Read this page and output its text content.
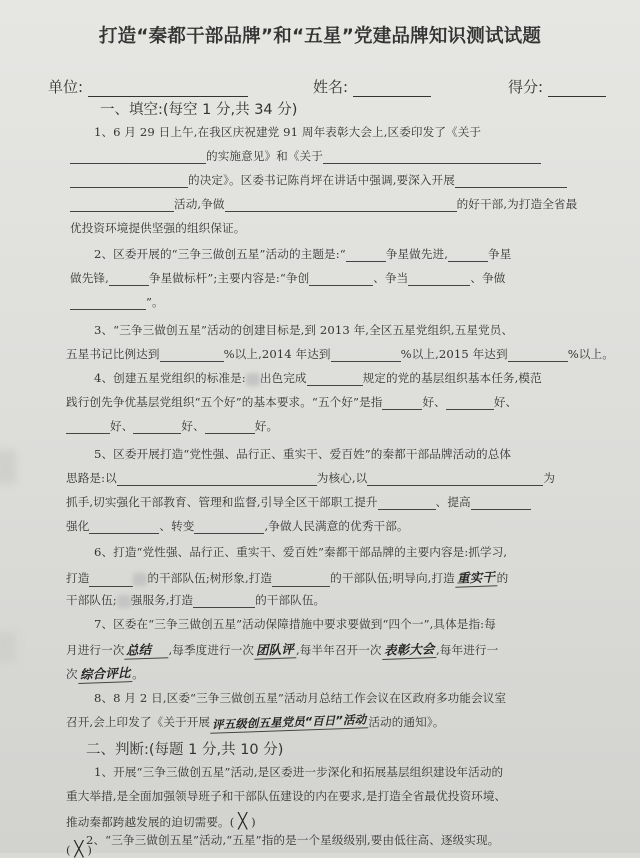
打造“秦都干部品牌”和“五星”党建品牌知识测试试题
单位:	姓名:	得分:
一、填空:(每空 1 分,共 34 分)
1、6 月 29 日上午,在我区庆祝建党 91 周年表彰大会上,区委印发了《关于
的实施意见》和《关于
的决定》。区委书记陈肖坪在讲话中强调,要深入开展
活动,争做	的好干部,为打造全省最
优投资环境提供坚强的组织保证。
2、区委开展的“三争三做创五星”活动的主题是:“	争星做先进,	争星
做先锋,	争星做标杆”;主要内容是:“争创	、争当	、争做
”。
3、“三争三做创五星”活动的创建目标是,到 2013 年,全区五星党组织,五星党员、
五星书记比例达到	%以上,2014 年达到	%以上,2015 年达到	%以上。
4、创建五星党组织的标准是: 出色完成	规定的党的基层组织基本任务,模范
践行创先争优基层党组织“五个好”的基本要求。“五个好”是指	好、	好、
好、	好、	好。
5、区委开展打造“党性强、品行正、重实干、爱百姓”的秦都干部品牌活动的总体
思路是:以	为核心,以	为
抓手,切实强化干部教育、管理和监督,引导全区干部职工提升	、提高
强化	、转变	,争做人民满意的优秀干部。
6、打造“党性强、品行正、重实干、爱百姓”秦都干部品牌的主要内容是:抓学习,
打造	的干部队伍;树形象,打造	的干部队伍;明导向,打造 重实干 的
干部队伍; 强服务,打造	的干部队伍。
7、区委在“三争三做创五星”活动保障措施中要求要做到“四个一”,具体是指:每
月进行一次 总结 ,每季度进行一次 团队评 ,每半年召开一次 表彰大会 ,每年进行一
次 综合评比 。
8、8 月 2 日,区委“三争三做创五星”活动月总结工作会议在区政府多功能会议室
召开,会上印发了《关于开展 评五级创五星党员“百日”活动 活动的通知》。
二、判断:(每题 1 分,共 10 分)
1、开展“三争三做创五星”活动,是区委进一步深化和拓展基层组织建设年活动的
重大举措,是全面加强领导班子和干部队伍建设的内在要求,是打造全省最优投资环境、
推动秦都跨越发展的迫切需要。( ╳ )
2、“三争三做创五星”活动,“五星”指的是一个星级级别,要由低往高、逐级实现。
( ╳ )
